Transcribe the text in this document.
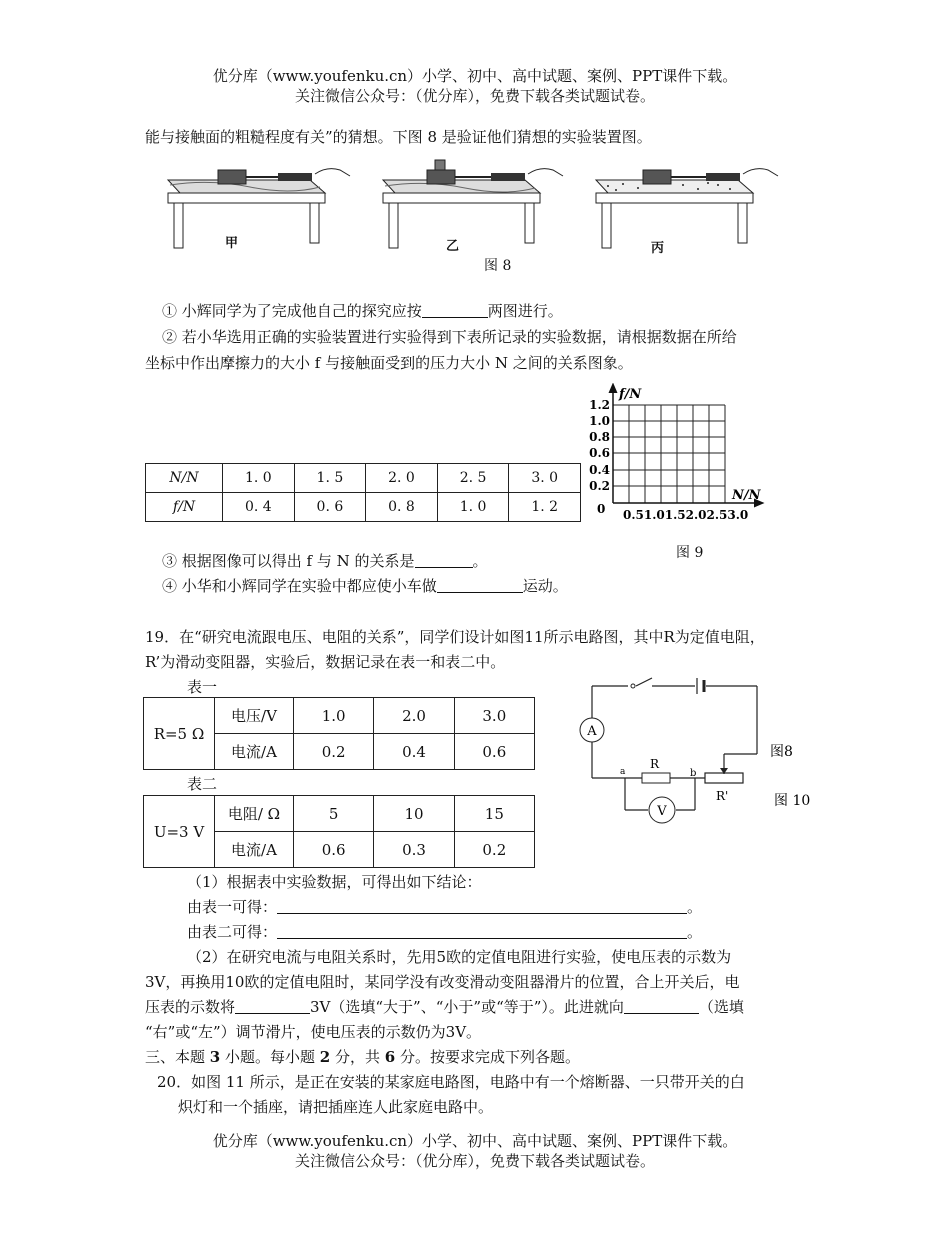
优分库（www.youfenku.cn）小学、初中、高中试题、案例、PPT课件下载。
关注微信公众号：（优分库），免费下载各类试题试卷。
能与接触面的粗糙程度有关”的猜想。下图 8 是验证他们猜想的实验装置图。
甲	乙	丙
图 8
① 小辉同学为了完成他自己的探究应按	两图进行。
② 若小华选用正确的实验装置进行实验得到下表所记录的实验数据，请根据数据在所给
坐标中作出摩擦力的大小 f 与接触面受到的压力大小 N 之间的关系图象。
N/N	1. 0	1. 5	2. 0	2. 5	3. 0
f/N	0. 4	0. 6	0. 8	1. 0	1. 2
f/N
N/N
0
1.2
1.0
0.8
0.6
0.4
0.2
0.51.01.52.02.53.0
图 9
③ 根据图像可以得出 f 与 N 的关系是	。
④ 小华和小辉同学在实验中都应使小车做	运动。
19．在“研究电流跟电压、电阻的关系”，同学们设计如图11所示电路图，其中R为定值电阻，
R’为滑动变阻器，实验后，数据记录在表一和表二中。
表一
R=5 Ω	电压/V	1.0	2.0	3.0
	电流/A	0.2	0.4	0.6
表二
U=3 V	电阻/ Ω	5	10	15
	电流/A	0.6	0.3	0.2
A
V
R
R'
a	b
图8
图 10
（1）根据表中实验数据，可得出如下结论：
由表一可得：	。
由表二可得：	。
（2）在研究电流与电阻关系时，先用5欧的定值电阻进行实验，使电压表的示数为
3V，再换用10欧的定值电阻时，某同学没有改变滑动变阻器滑片的位置，合上开关后，电
压表的示数将	3V（选填“大于”、“小于”或“等于”）。此进就向	（选填
“右”或“左”）调节滑片，使电压表的示数仍为3V。
三、本题 3 小题。每小题 2 分，共 6 分。按要求完成下列各题。
20．如图 11 所示，是正在安装的某家庭电路图，电路中有一个熔断器、一只带开关的白
炽灯和一个插座，请把插座连人此家庭电路中。
优分库（www.youfenku.cn）小学、初中、高中试题、案例、PPT课件下载。
关注微信公众号：（优分库），免费下载各类试题试卷。
